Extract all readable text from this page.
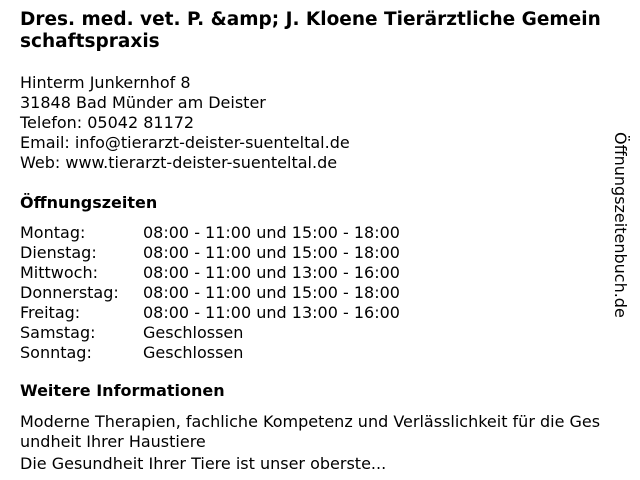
Dres. med. vet. P. &amp; J. Kloene Tierärztliche Gemeinschaftspraxis
Hinterm Junkernhof 8
31848 Bad Münder am Deister
Telefon: 05042 81172
Email: info@tierarzt-deister-suenteltal.de
Web: www.tierarzt-deister-suenteltal.de
Öffnungszeiten
Montag:	08:00 - 11:00 und 15:00 - 18:00
Dienstag:	08:00 - 11:00 und 15:00 - 18:00
Mittwoch:	08:00 - 11:00 und 13:00 - 16:00
Donnerstag:	08:00 - 11:00 und 15:00 - 18:00
Freitag:	08:00 - 11:00 und 13:00 - 16:00
Samstag:	Geschlossen
Sonntag:	Geschlossen
Weitere Informationen

Moderne Therapien, fachliche Kompetenz und Verlässlichkeit für die Gesundheit Ihrer Haustiere

Die Gesundheit Ihrer Tiere ist unser oberste...

Öffnungszeitenbuch.de
